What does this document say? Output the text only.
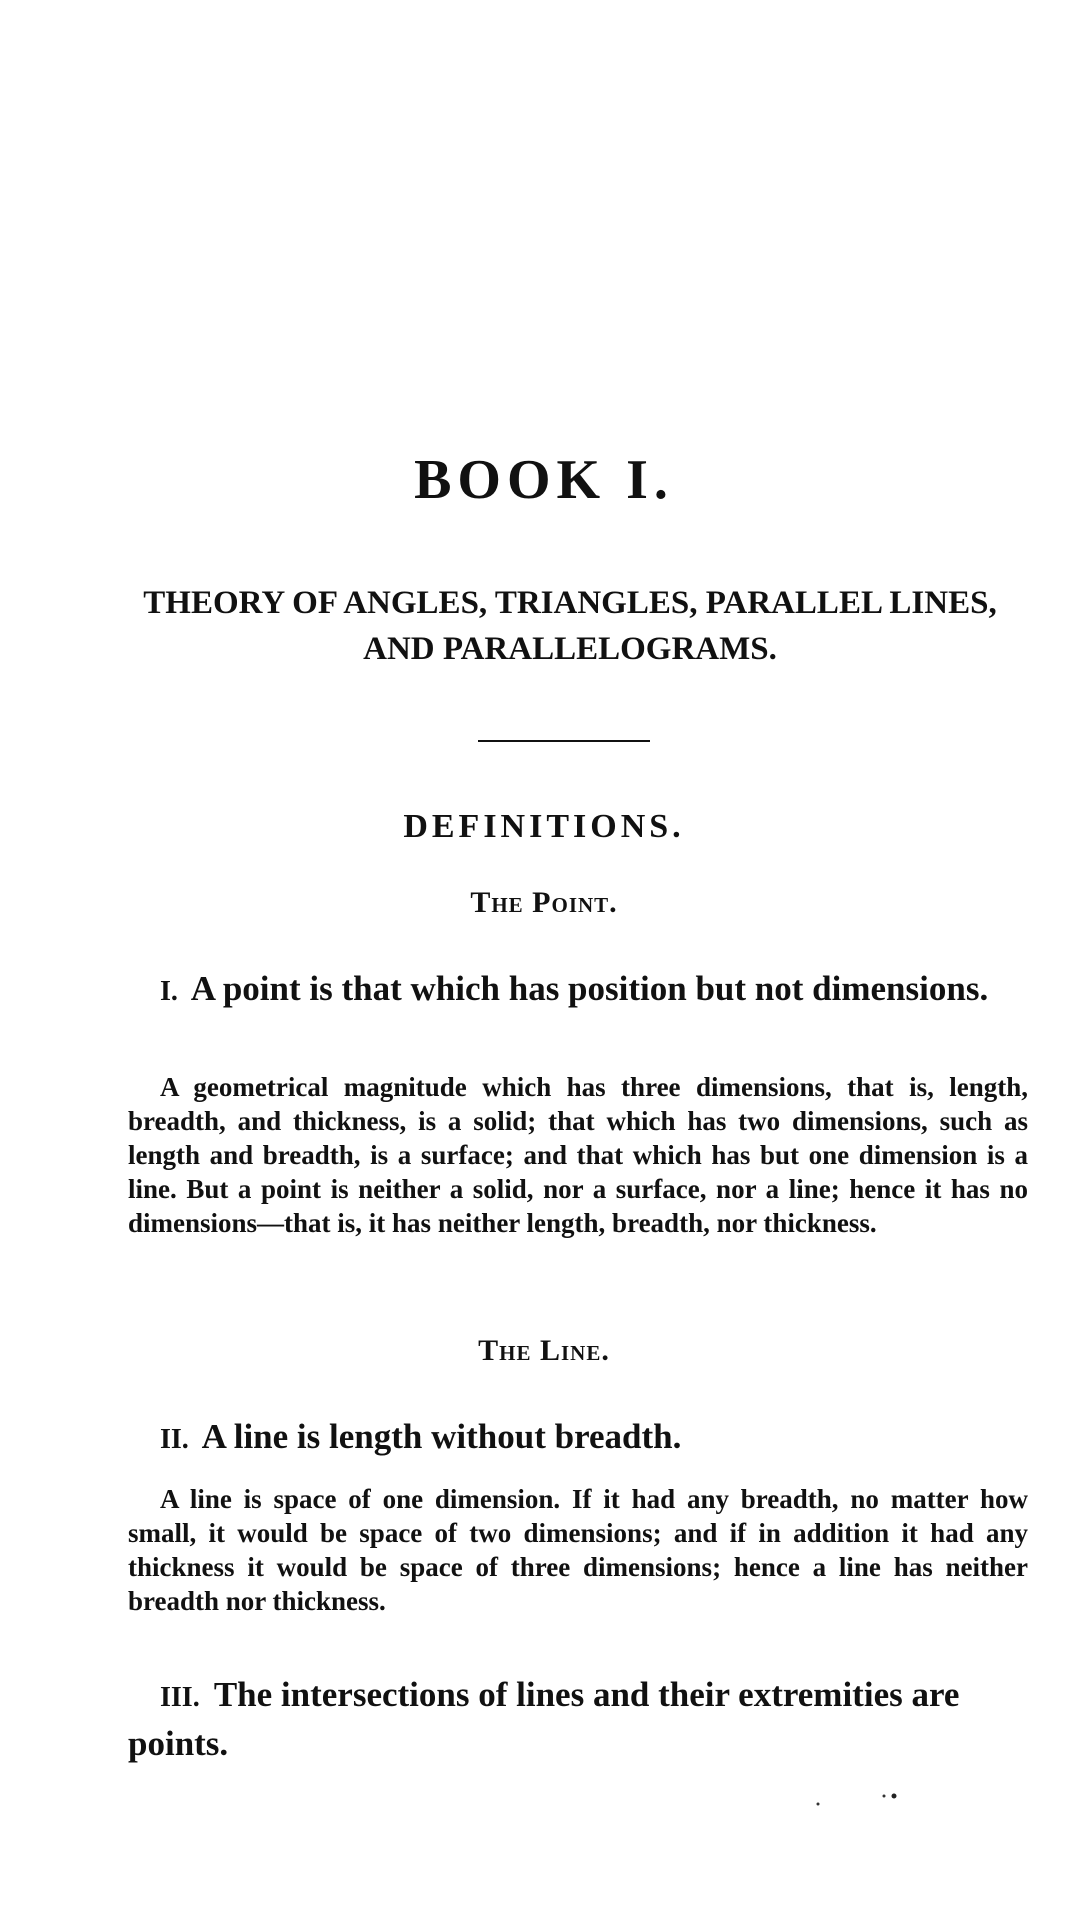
BOOK I.
THEORY OF ANGLES, TRIANGLES, PARALLEL LINES, AND PARALLELOGRAMS.
DEFINITIONS.
The Point.

I. A point is that which has position but not dimensions.

A geometrical magnitude which has three dimensions, that is, length, breadth, and thickness, is a solid; that which has two dimensions, such as length and breadth, is a surface; and that which has but one dimension is a line. But a point is neither a solid, nor a surface, nor a line; hence it has no dimensions—that is, it has neither length, breadth, nor thickness.

The Line.

II. A line is length without breadth.

A line is space of one dimension. If it had any breadth, no matter how small, it would be space of two dimensions; and if in addition it had any thickness it would be space of three dimensions; hence a line has neither breadth nor thickness.

III. The intersections of lines and their extremities are points.
